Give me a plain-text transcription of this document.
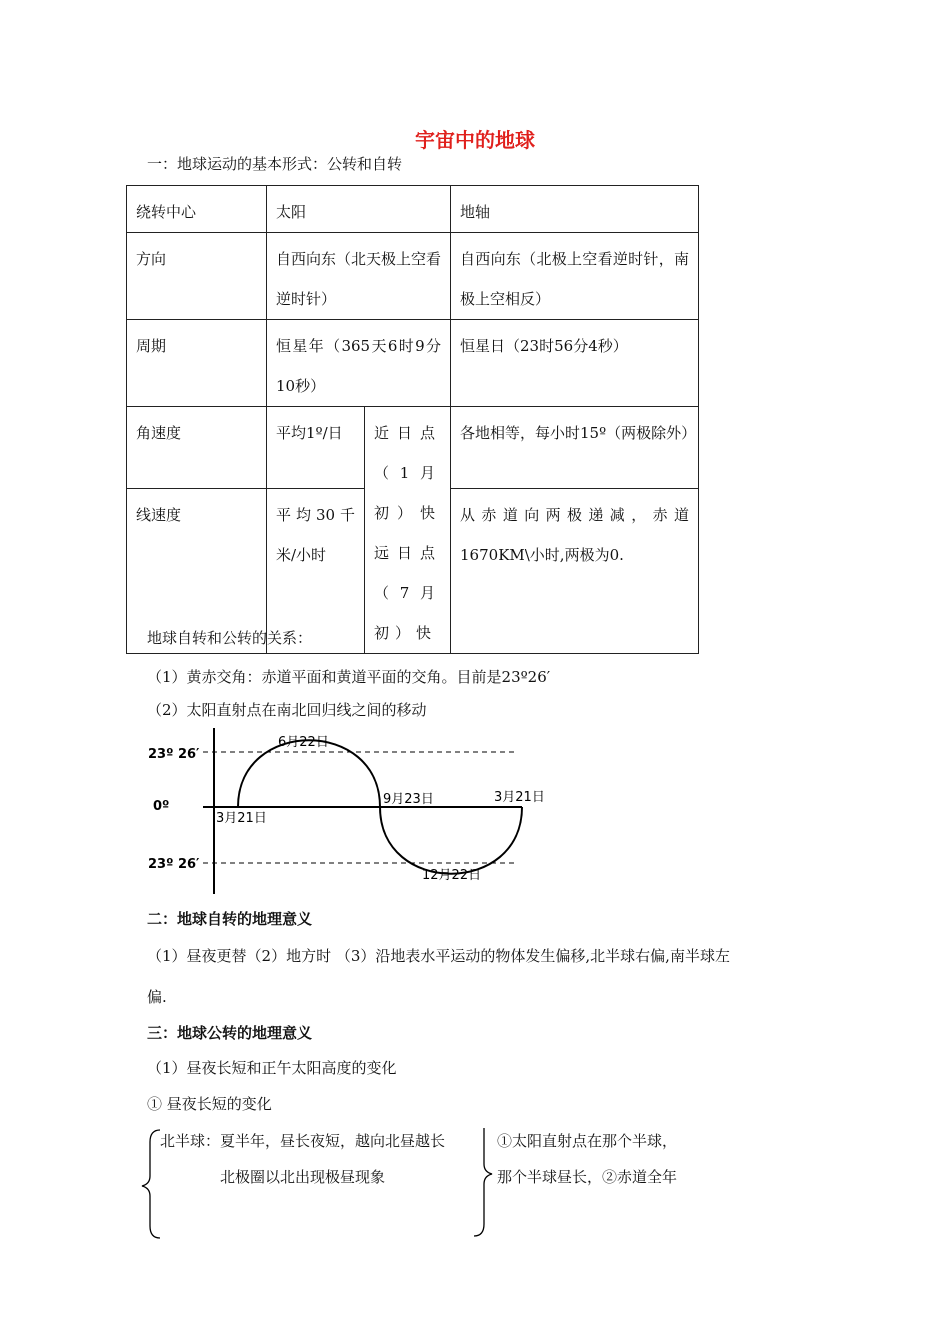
宇宙中的地球
一：地球运动的基本形式：公转和自转
绕转中心	太阳		地轴
方向	自西向东（北天极上空看逆时针）		自西向东（北极上空看逆时针，南极上空相反）
周期	恒星年（365天6时9分10秒）		恒星日（23时56分4秒）
角速度	平均1º/日	近日点（1月初）快远日点（7月初）快	各地相等，每小时15º（两极除外）
线速度	平均30千米/小时		从赤道向两极递减，赤道1670KM\小时,两极为0.
地球自转和公转的关系：
（1）黄赤交角：赤道平面和黄道平面的交角。目前是23º26′
（2）太阳直射点在南北回归线之间的移动
23º 26′
0º
23º 26′
6月22日
3月21日
9月23日	3月21日
12月22日
二：地球自转的地理意义
（1）昼夜更替（2）地方时 （3）沿地表水平运动的物体发生偏移,北半球右偏,南半球左
偏.
三：地球公转的地理意义
（1）昼夜长短和正午太阳高度的变化
① 昼夜长短的变化
北半球：夏半年，昼长夜短，越向北昼越长
北极圈以北出现极昼现象
①太阳直射点在那个半球，
那个半球昼长，②赤道全年
